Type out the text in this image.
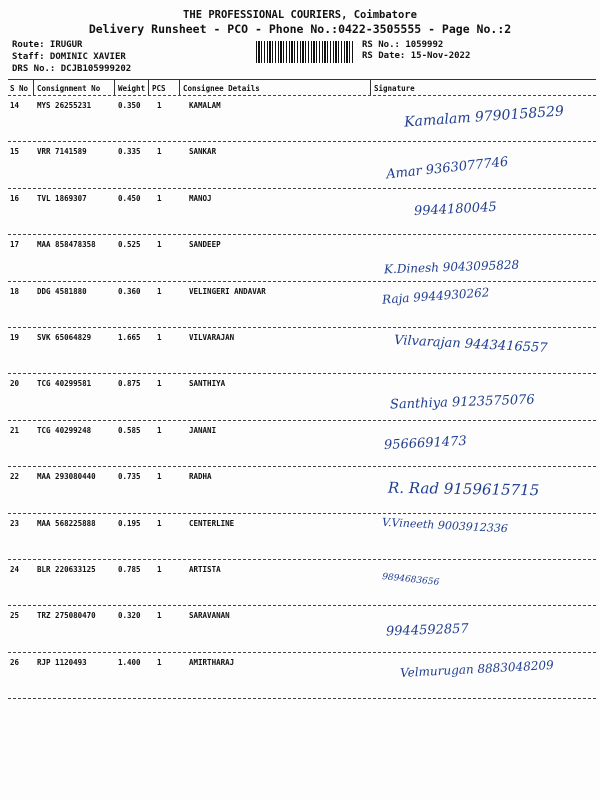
THE PROFESSIONAL COURIERS, Coimbatore
Delivery Runsheet - PCO - Phone No.:0422-3505555 - Page No.:2
Route: IRUGUR
Staff: DOMINIC XAVIER
DRS No.: DCJB105999202
RS No.: 1059992
RS Date: 15-Nov-2022
S No Consignment No Weight PCS Consignee Details	Signature
14 MYS 26255231	0.350 1	KAMALAM	Kamalam 9790158529
15 VRR 7141589	0.335 1	SANKAR
Amar 9363077746
16 TVL 1869307	0.450 1	MANOJ
9944180045
17 MAA 858478358	0.525 1	SANDEEP
K.Dinesh 9043095828
18 DDG 4581880	0.360 1	VELINGERI ANDAVAR	Raja 9944930262
19 SVK 65064829	1.665 1	VILVARAJAN	Vilvarajan 9443416557
20 TCG 40299581	0.875 1	SANTHIYA
Santhiya 9123575076
21 TCG 40299248	0.585 1	JANANI
9566691473
22 MAA 293080440	0.735 1	RADHA
R. Rad 9159615715
23 MAA 568225888	0.195 1	CENTERLINE	V.Vineeth 9003912336
24 BLR 220633125	0.785 1	ARTISTA
9894683656
25 TRZ 275080470	0.320 1	SARAVANAN
9944592857
26 RJP 1120493	1.400 1	AMIRTHARAJ	Velmurugan 8883048209
